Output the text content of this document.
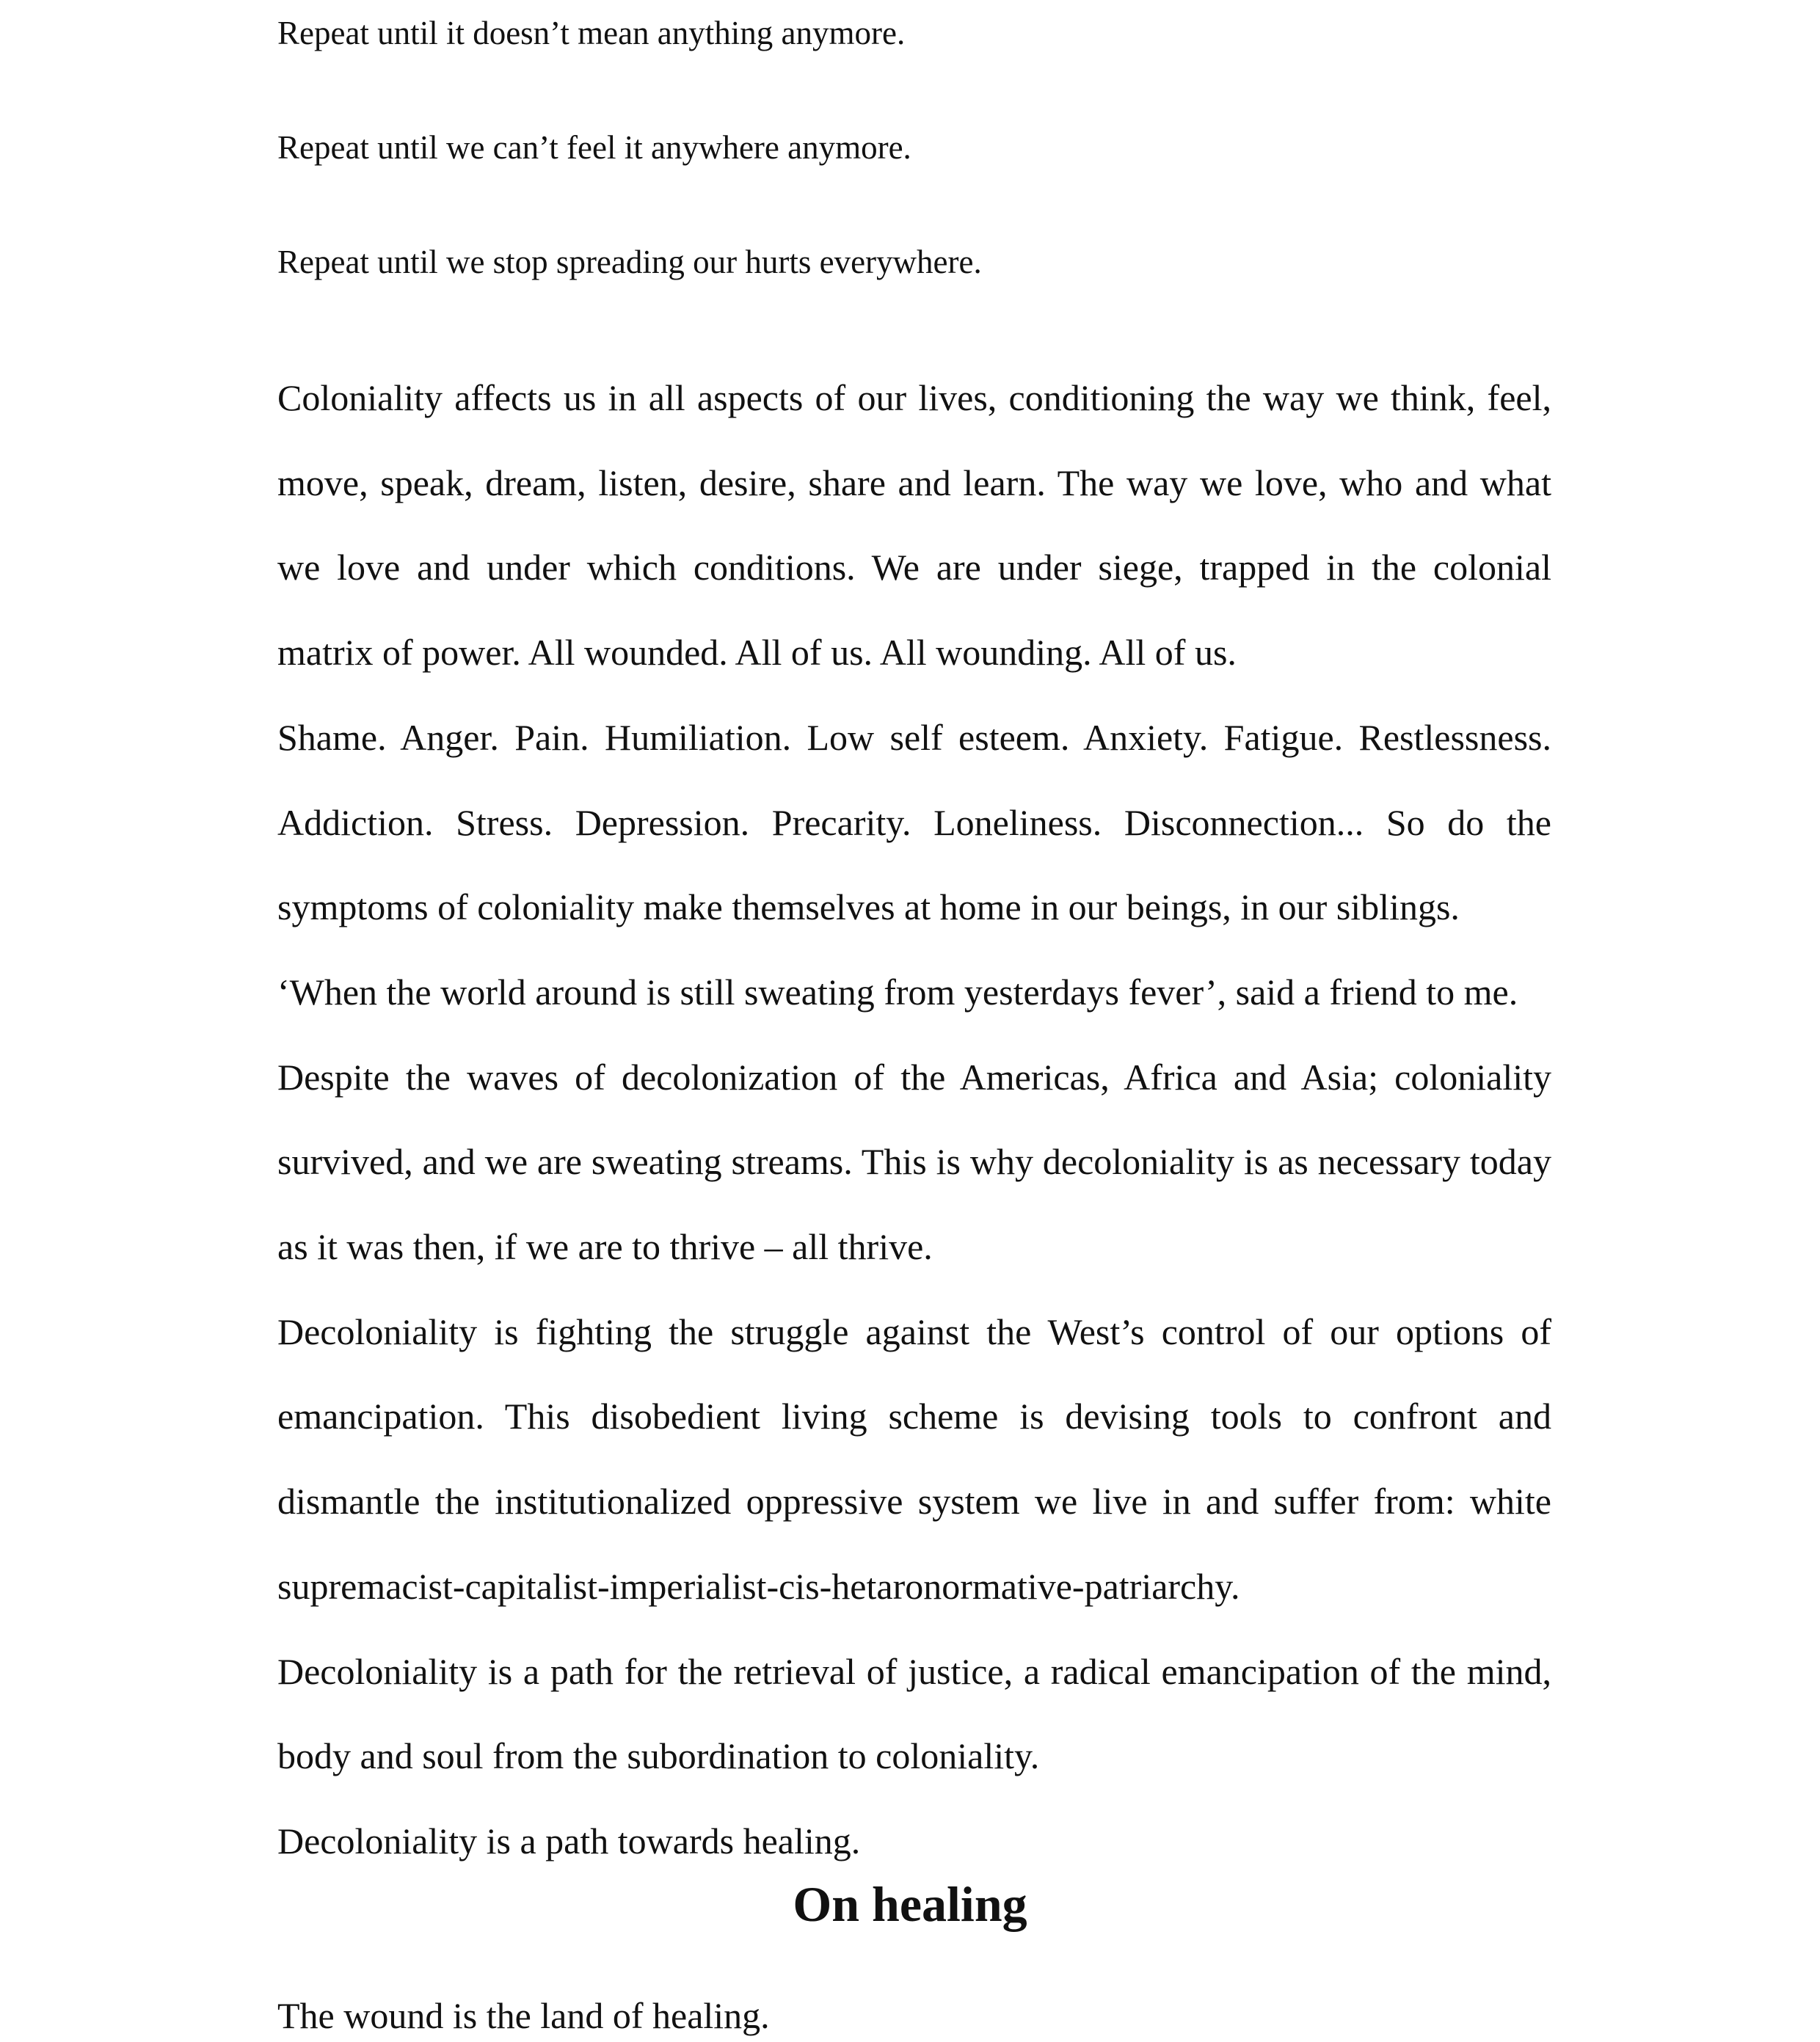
Repeat until it doesn’t mean anything anymore.

Repeat until we can’t feel it anywhere anymore.

Repeat until we stop spreading our hurts everywhere.

Coloniality affects us in all aspects of our lives, conditioning the way we think, feel, move, speak, dream, listen, desire, share and learn. The way we love, who and what we love and under which conditions. We are under siege, trapped in the colonial matrix of power. All wounded. All of us. All wounding. All of us.

Shame. Anger. Pain. Humiliation. Low self esteem. Anxiety. Fatigue. Restlessness. Addiction. Stress. Depression. Precarity. Loneliness. Disconnection... So do the symptoms of coloniality make themselves at home in our beings, in our siblings.

‘When the world around is still sweating from yesterdays fever’, said a friend to me.

Despite the waves of decolonization of the Americas, Africa and Asia; coloniality survived, and we are sweating streams. This is why decoloniality is as necessary today as it was then, if we are to thrive – all thrive.

Decoloniality is fighting the struggle against the West’s control of our options of emancipation. This disobedient living scheme is devising tools to confront and dismantle the institutionalized oppressive system we live in and suffer from: white supremacist-capitalist-imperialist-cis-hetaronormative-patriarchy.

Decoloniality is a path for the retrieval of justice, a radical emancipation of the mind, body and soul from the subordination to coloniality.

Decoloniality is a path towards healing.

On healing

The wound is the land of healing.
